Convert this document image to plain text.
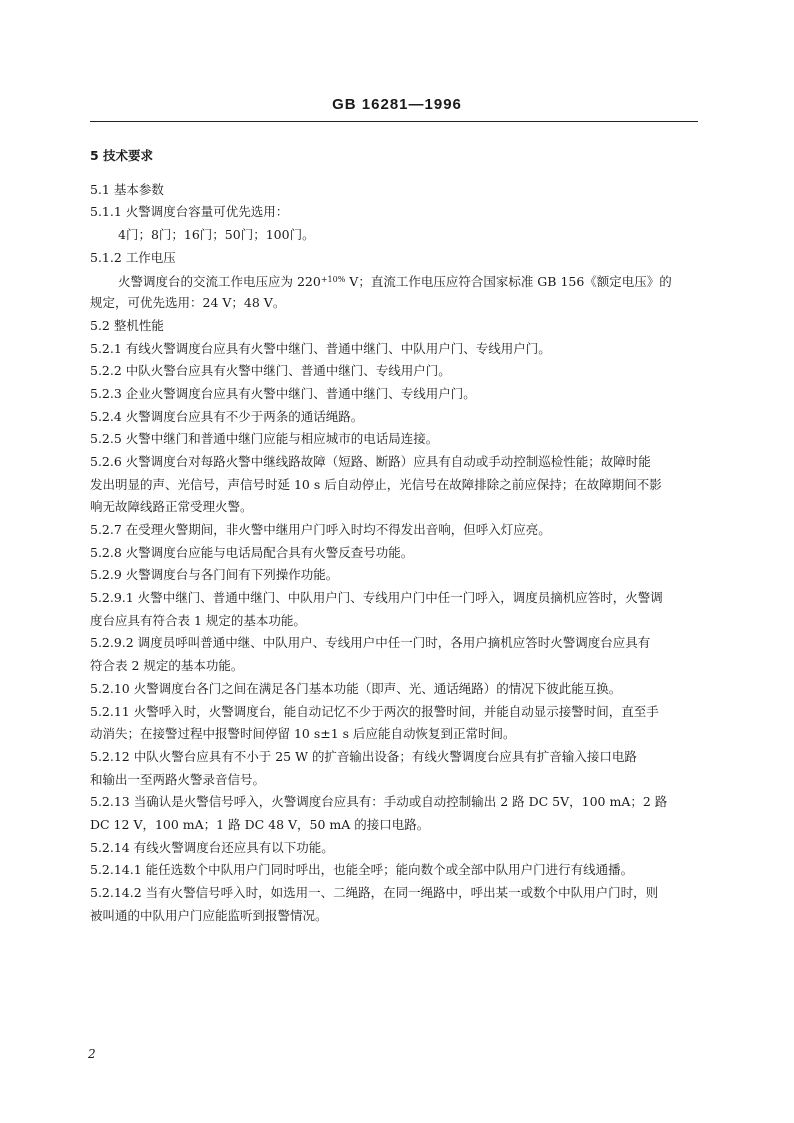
GB 16281—1996
5 技术要求
5.1 基本参数
5.1.1 火警调度台容量可优先选用：
4门；8门；16门；50门；100门。
5.1.2 工作电压
火警调度台的交流工作电压应为 $220^{+10\%}$ V；直流工作电压应符合国家标准 GB 156《额定电压》的
规定，可优先选用：24 V；48 V。
5.2 整机性能
5.2.1 有线火警调度台应具有火警中继门、普通中继门、中队用户门、专线用户门。
5.2.2 中队火警台应具有火警中继门、普通中继门、专线用户门。
5.2.3 企业火警调度台应具有火警中继门、普通中继门、专线用户门。
5.2.4 火警调度台应具有不少于两条的通话绳路。
5.2.5 火警中继门和普通中继门应能与相应城市的电话局连接。
5.2.6 火警调度台对每路火警中继线路故障（短路、断路）应具有自动或手动控制巡检性能；故障时能
发出明显的声、光信号，声信号时延 10 s 后自动停止，光信号在故障排除之前应保持；在故障期间不影
响无故障线路正常受理火警。
5.2.7 在受理火警期间，非火警中继用户门呼入时均不得发出音响，但呼入灯应亮。
5.2.8 火警调度台应能与电话局配合具有火警反查号功能。
5.2.9 火警调度台与各门间有下列操作功能。
5.2.9.1 火警中继门、普通中继门、中队用户门、专线用户门中任一门呼入，调度员摘机应答时，火警调
度台应具有符合表 1 规定的基本功能。
5.2.9.2 调度员呼叫普通中继、中队用户、专线用户中任一门时，各用户摘机应答时火警调度台应具有
符合表 2 规定的基本功能。
5.2.10 火警调度台各门之间在满足各门基本功能（即声、光、通话绳路）的情况下彼此能互换。
5.2.11 火警呼入时，火警调度台，能自动记忆不少于两次的报警时间，并能自动显示接警时间，直至手
动消失；在接警过程中报警时间停留 10 s±1 s 后应能自动恢复到正常时间。
5.2.12 中队火警台应具有不小于 25 W 的扩音输出设备；有线火警调度台应具有扩音输入接口电路
和输出一至两路火警录音信号。
5.2.13 当确认是火警信号呼入，火警调度台应具有：手动或自动控制输出 2 路 DC 5V，100 mA；2 路
DC 12 V，100 mA；1 路 DC 48 V，50 mA 的接口电路。
5.2.14 有线火警调度台还应具有以下功能。
5.2.14.1 能任选数个中队用户门同时呼出，也能全呼；能向数个或全部中队用户门进行有线通播。
5.2.14.2 当有火警信号呼入时，如选用一、二绳路，在同一绳路中，呼出某一或数个中队用户门时，则
被叫通的中队用户门应能监听到报警情况。
2
